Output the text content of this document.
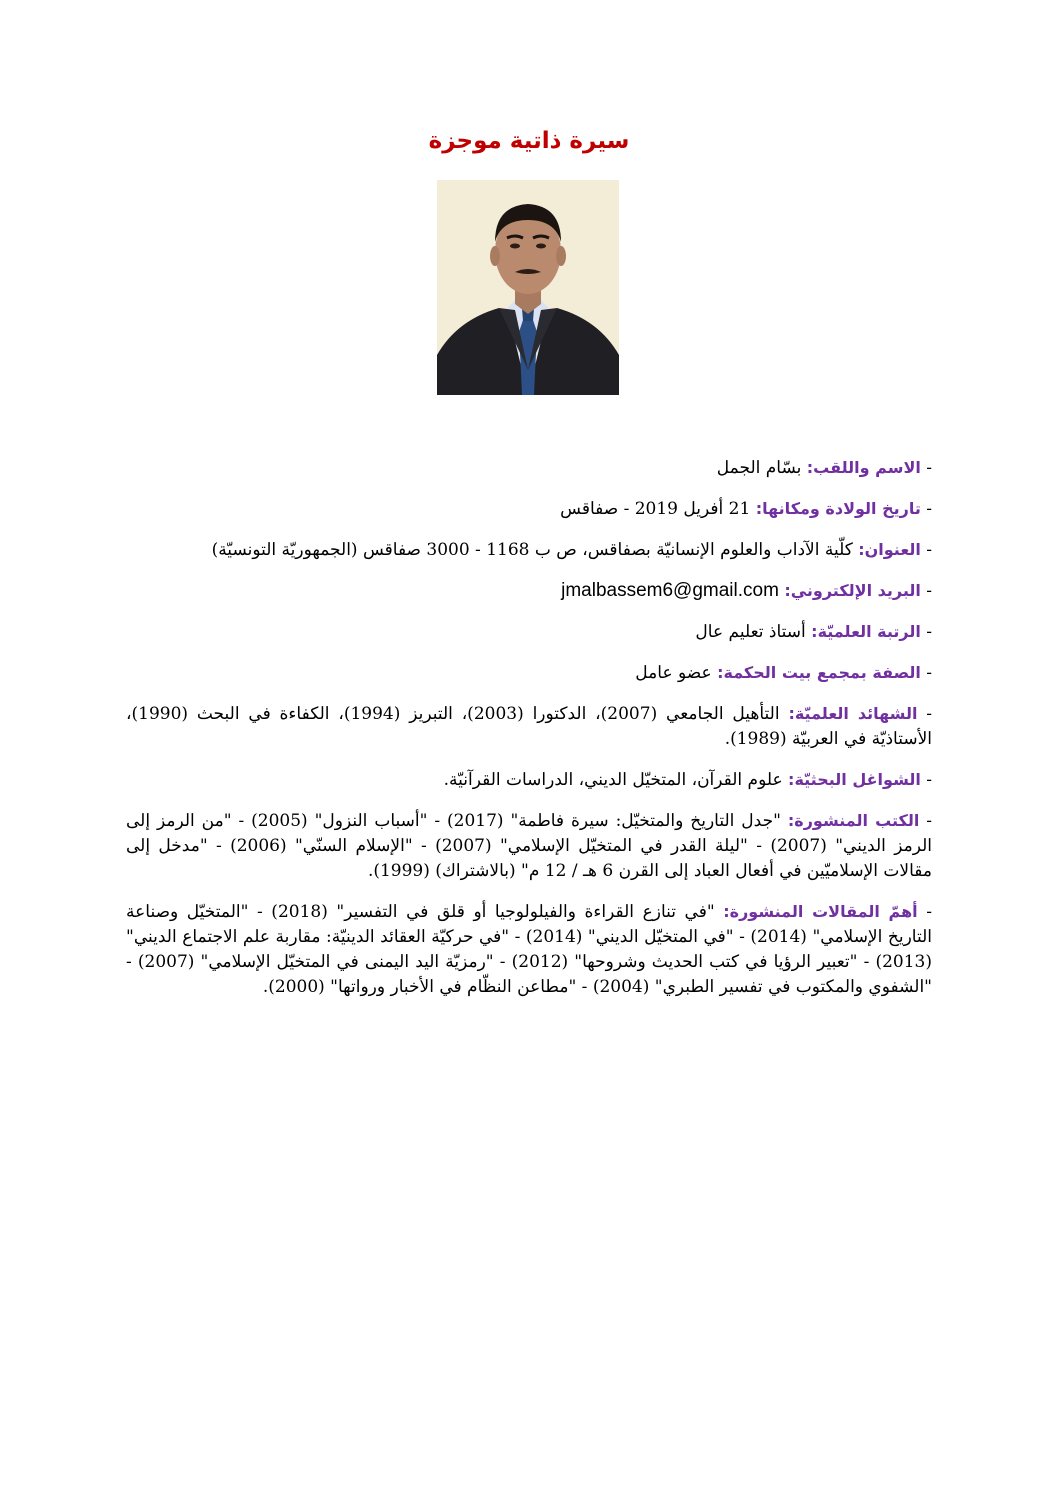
سيرة ذاتية موجزة

- الاسم واللقب: بسّام الجمل

- تاريخ الولادة ومكانها: 21 أفريل 2019 - صفاقس

- العنوان: كلّية الآداب والعلوم الإنسانيّة بصفاقس، ص ب 1168 - 3000 صفاقس (الجمهوريّة التونسيّة)

- البريد الإلكتروني: jmalbassem6@gmail.com

- الرتبة العلميّة: أستاذ تعليم عال

- الصفة بمجمع بيت الحكمة: عضو عامل

- الشهائد العلميّة: التأهيل الجامعي (2007)، الدكتورا (2003)، التبريز (1994)، الكفاءة في البحث (1990)، الأستاذيّة في العربيّة (1989).

- الشواغل البحثيّة: علوم القرآن، المتخيّل الديني، الدراسات القرآنيّة.

- الكتب المنشورة: "جدل التاريخ والمتخيّل: سيرة فاطمة" (2017) - "أسباب النزول" (2005) - "من الرمز إلى الرمز الديني" (2007) - "ليلة القدر في المتخيّل الإسلامي" (2007) - "الإسلام السنّي" (2006) - "مدخل إلى مقالات الإسلاميّين في أفعال العباد إلى القرن 6 هـ / 12 م" (بالاشتراك) (1999).

- أهمّ المقالات المنشورة: "في تنازع القراءة والفيلولوجيا أو قلق في التفسير" (2018) - "المتخيّل وصناعة التاريخ الإسلامي" (2014) - "في المتخيّل الديني" (2014) - "في حركيّة العقائد الدينيّة: مقاربة علم الاجتماع الديني" (2013) - "تعبير الرؤيا في كتب الحديث وشروحها" (2012) - "رمزيّة اليد اليمنى في المتخيّل الإسلامي" (2007) - "الشفوي والمكتوب في تفسير الطبري" (2004) - "مطاعن النظّام في الأخبار ورواتها" (2000).
